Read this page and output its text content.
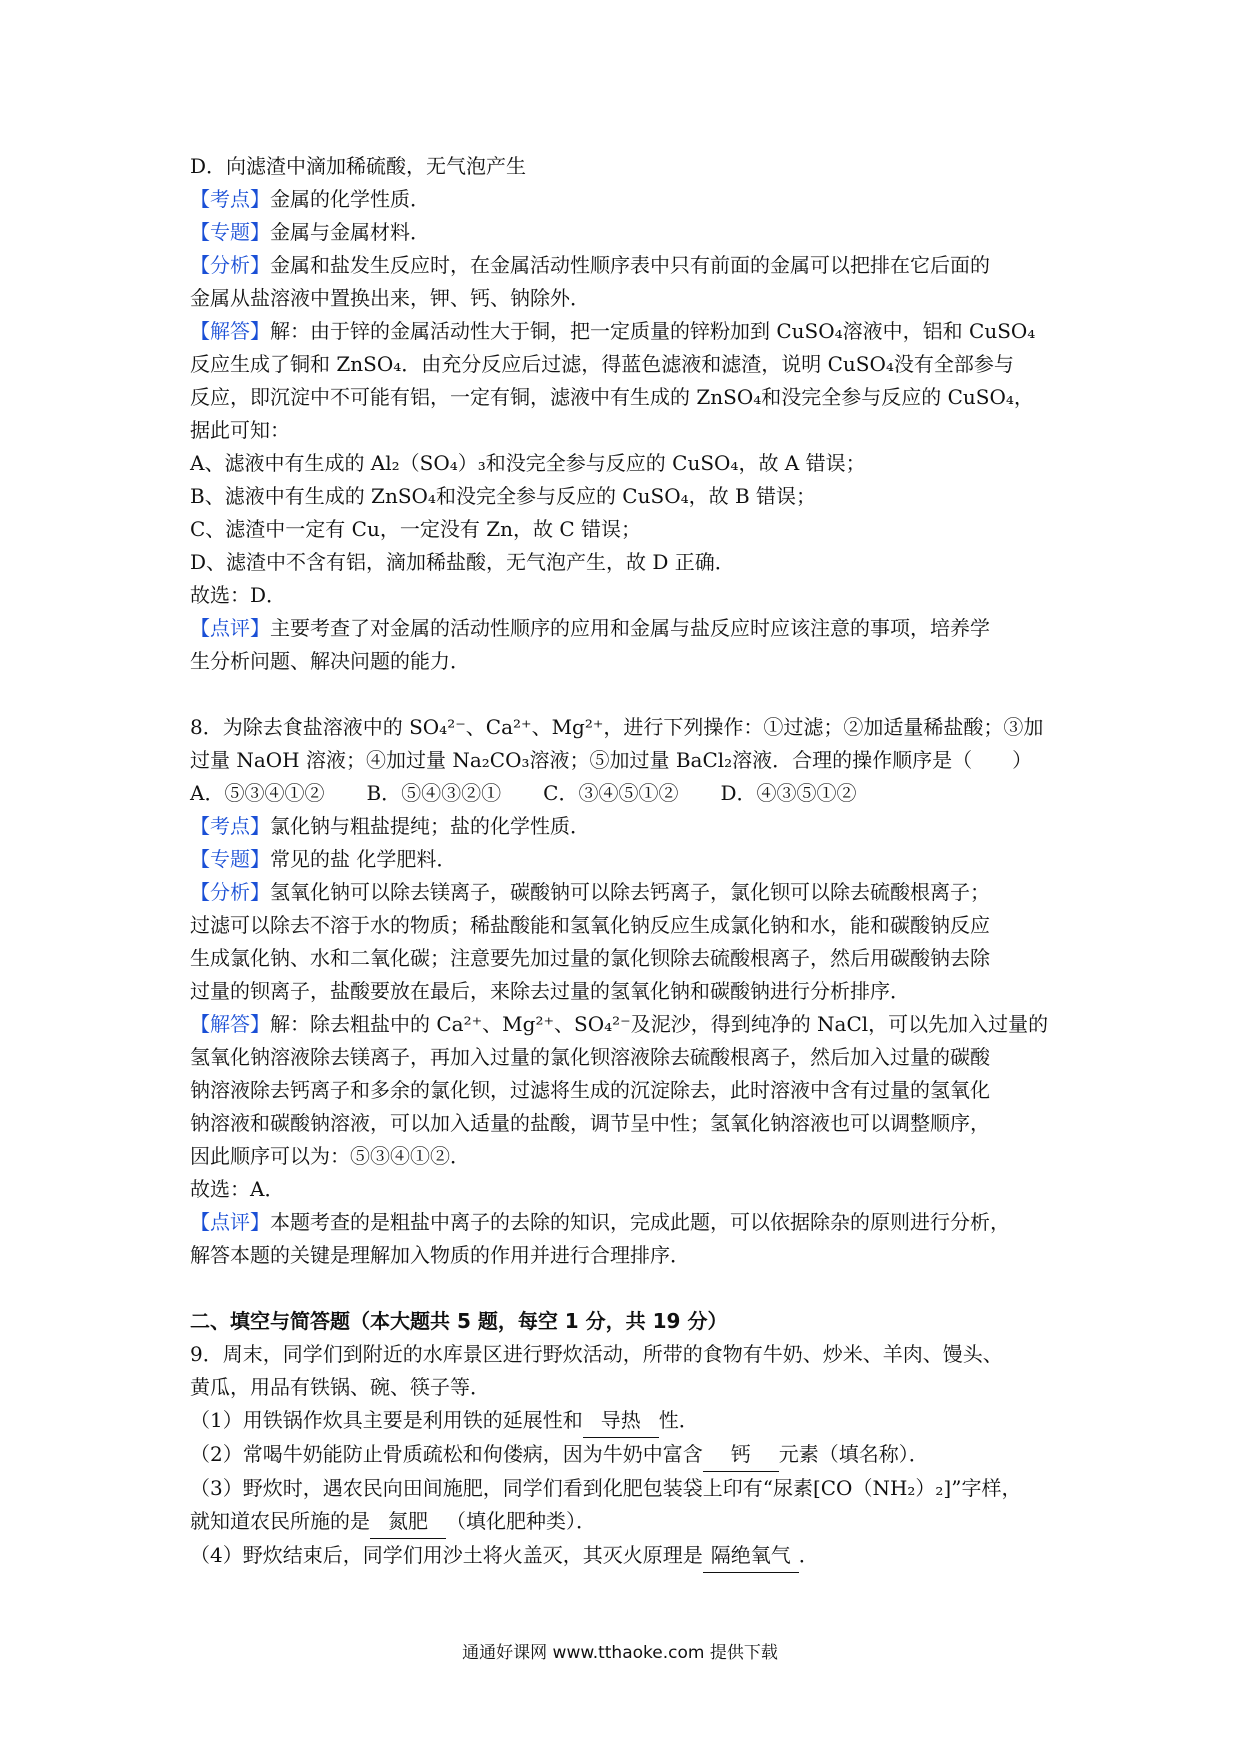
D．向滤渣中滴加稀硫酸，无气泡产生
【考点】金属的化学性质．
【专题】金属与金属材料．
【分析】金属和盐发生反应时，在金属活动性顺序表中只有前面的金属可以把排在它后面的
金属从盐溶液中置换出来，钾、钙、钠除外．
【解答】解：由于锌的金属活动性大于铜，把一定质量的锌粉加到 CuSO₄溶液中，铝和 CuSO₄
反应生成了铜和 ZnSO₄．由充分反应后过滤，得蓝色滤液和滤渣，说明 CuSO₄没有全部参与
反应，即沉淀中不可能有铝，一定有铜，滤液中有生成的 ZnSO₄和没完全参与反应的 CuSO₄，
据此可知：
A、滤液中有生成的 Al₂（SO₄）₃和没完全参与反应的 CuSO₄，故 A 错误；
B、滤液中有生成的 ZnSO₄和没完全参与反应的 CuSO₄，故 B 错误；
C、滤渣中一定有 Cu，一定没有 Zn，故 C 错误；
D、滤渣中不含有铝，滴加稀盐酸，无气泡产生，故 D 正确．
故选：D．
【点评】主要考查了对金属的活动性顺序的应用和金属与盐反应时应该注意的事项，培养学
生分析问题、解决问题的能力．
8．为除去食盐溶液中的 SO₄²⁻、Ca²⁺、Mg²⁺，进行下列操作：①过滤；②加适量稀盐酸；③加
过量 NaOH 溶液；④加过量 Na₂CO₃溶液；⑤加过量 BaCl₂溶液．合理的操作顺序是（　　）
A．⑤③④①② B．⑤④③②① C．③④⑤①② D．④③⑤①②
【考点】氯化钠与粗盐提纯；盐的化学性质．
【专题】常见的盐 化学肥料．
【分析】氢氧化钠可以除去镁离子，碳酸钠可以除去钙离子，氯化钡可以除去硫酸根离子；
过滤可以除去不溶于水的物质；稀盐酸能和氢氧化钠反应生成氯化钠和水，能和碳酸钠反应
生成氯化钠、水和二氧化碳；注意要先加过量的氯化钡除去硫酸根离子，然后用碳酸钠去除
过量的钡离子，盐酸要放在最后，来除去过量的氢氧化钠和碳酸钠进行分析排序．
【解答】解：除去粗盐中的 Ca²⁺、Mg²⁺、SO₄²⁻及泥沙，得到纯净的 NaCl，可以先加入过量的
氢氧化钠溶液除去镁离子，再加入过量的氯化钡溶液除去硫酸根离子，然后加入过量的碳酸
钠溶液除去钙离子和多余的氯化钡，过滤将生成的沉淀除去，此时溶液中含有过量的氢氧化
钠溶液和碳酸钠溶液，可以加入适量的盐酸，调节呈中性；氢氧化钠溶液也可以调整顺序，
因此顺序可以为：⑤③④①②．
故选：A．
【点评】本题考查的是粗盐中离子的去除的知识，完成此题，可以依据除杂的原则进行分析，
解答本题的关键是理解加入物质的作用并进行合理排序．
二、填空与简答题（本大题共 5 题，每空 1 分，共 19 分）
9．周末，同学们到附近的水库景区进行野炊活动，所带的食物有牛奶、炒米、羊肉、馒头、
黄瓜，用品有铁锅、碗、筷子等．
（1）用铁锅作炊具主要是利用铁的延展性和 导热 性．
（2）常喝牛奶能防止骨质疏松和佝偻病，因为牛奶中富含 钙 元素（填名称）．
（3）野炊时，遇农民向田间施肥，同学们看到化肥包装袋上印有“尿素[CO（NH₂）₂]”字样，
就知道农民所施的是 氮肥 （填化肥种类）．
（4）野炊结束后，同学们用沙土将火盖灭，其灭火原理是 隔绝氧气 ．
通通好课网 www.tthaoke.com 提供下载
